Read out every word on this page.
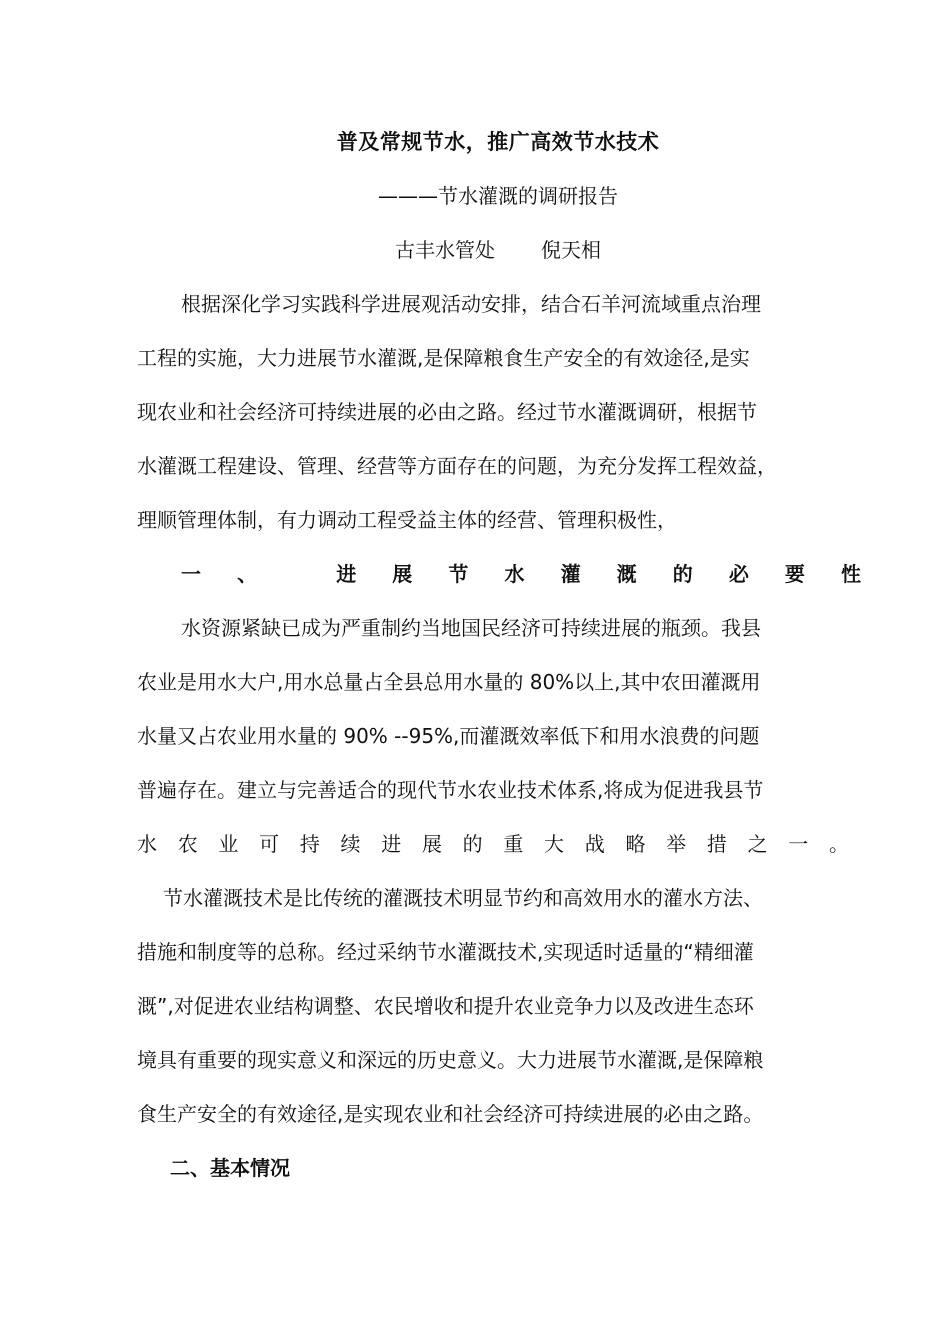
普及常规节水，推广高效节水技术
———节水灌溉的调研报告
古丰水管处 倪天相
根据深化学习实践科学进展观活动安排，结合石羊河流域重点治理
工程的实施，大力进展节水灌溉,是保障粮食生产安全的有效途径,是实
现农业和社会经济可持续进展的必由之路。经过节水灌溉调研，根据节
水灌溉工程建设、管理、经营等方面存在的问题，为充分发挥工程效益，
理顺管理体制，有力调动工程受益主体的经营、管理积极性，
一、 进展节水灌溉的必要性
水资源紧缺已成为严重制约当地国民经济可持续进展的瓶颈。我县
农业是用水大户,用水总量占全县总用水量的 80%以上,其中农田灌溉用
水量又占农业用水量的 90% --95%,而灌溉效率低下和用水浪费的问题
普遍存在。建立与完善适合的现代节水农业技术体系,将成为促进我县节
水农业可持续进展的重大战略举措之一。
节水灌溉技术是比传统的灌溉技术明显节约和高效用水的灌水方法、
措施和制度等的总称。经过采纳节水灌溉技术,实现适时适量的“精细灌
溉”,对促进农业结构调整、农民增收和提升农业竞争力以及改进生态环
境具有重要的现实意义和深远的历史意义。大力进展节水灌溉,是保障粮
食生产安全的有效途径,是实现农业和社会经济可持续进展的必由之路。
二、基本情况
